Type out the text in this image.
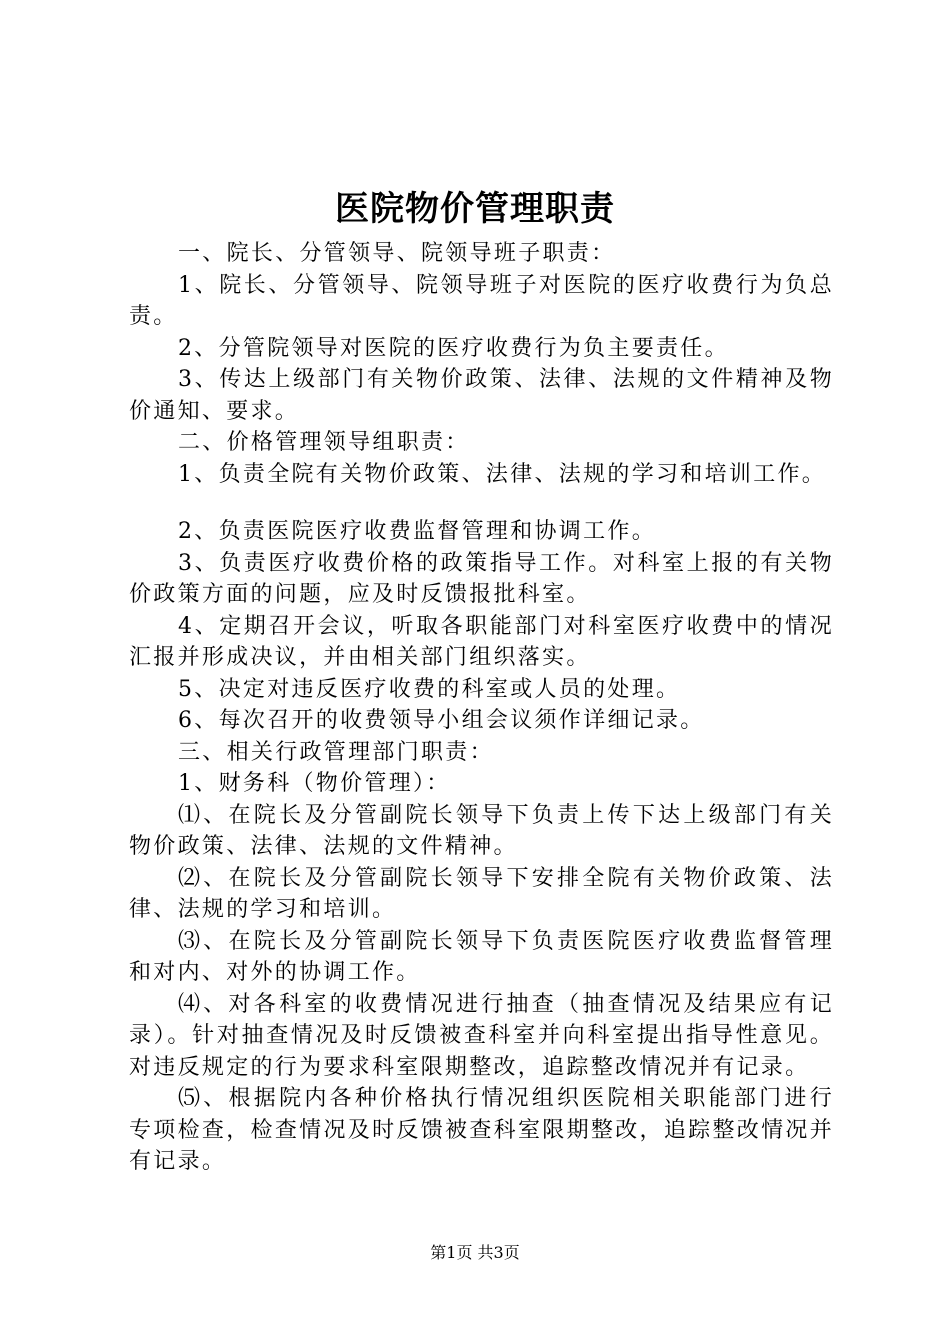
医院物价管理职责

一、院长、分管领导、院领导班子职责：

1、院长、分管领导、院领导班子对医院的医疗收费行为负总责。

2、分管院领导对医院的医疗收费行为负主要责任。

3、传达上级部门有关物价政策、法律、法规的文件精神及物价通知、要求。

二、价格管理领导组职责：

1、负责全院有关物价政策、法律、法规的学习和培训工作。

2、负责医院医疗收费监督管理和协调工作。

3、负责医疗收费价格的政策指导工作。对科室上报的有关物价政策方面的问题，应及时反馈报批科室。

4、定期召开会议，听取各职能部门对科室医疗收费中的情况汇报并形成决议，并由相关部门组织落实。

5、决定对违反医疗收费的科室或人员的处理。

6、每次召开的收费领导小组会议须作详细记录。

三、相关行政管理部门职责：

1、财务科（物价管理）：

⑴、在院长及分管副院长领导下负责上传下达上级部门有关物价政策、法律、法规的文件精神。

⑵、在院长及分管副院长领导下安排全院有关物价政策、法律、法规的学习和培训。

⑶、在院长及分管副院长领导下负责医院医疗收费监督管理和对内、对外的协调工作。

⑷、对各科室的收费情况进行抽查（抽查情况及结果应有记录）。针对抽查情况及时反馈被查科室并向科室提出指导性意见。对违反规定的行为要求科室限期整改，追踪整改情况并有记录。

⑸、根据院内各种价格执行情况组织医院相关职能部门进行专项检查，检查情况及时反馈被查科室限期整改，追踪整改情况并有记录。

第1页 共3页
